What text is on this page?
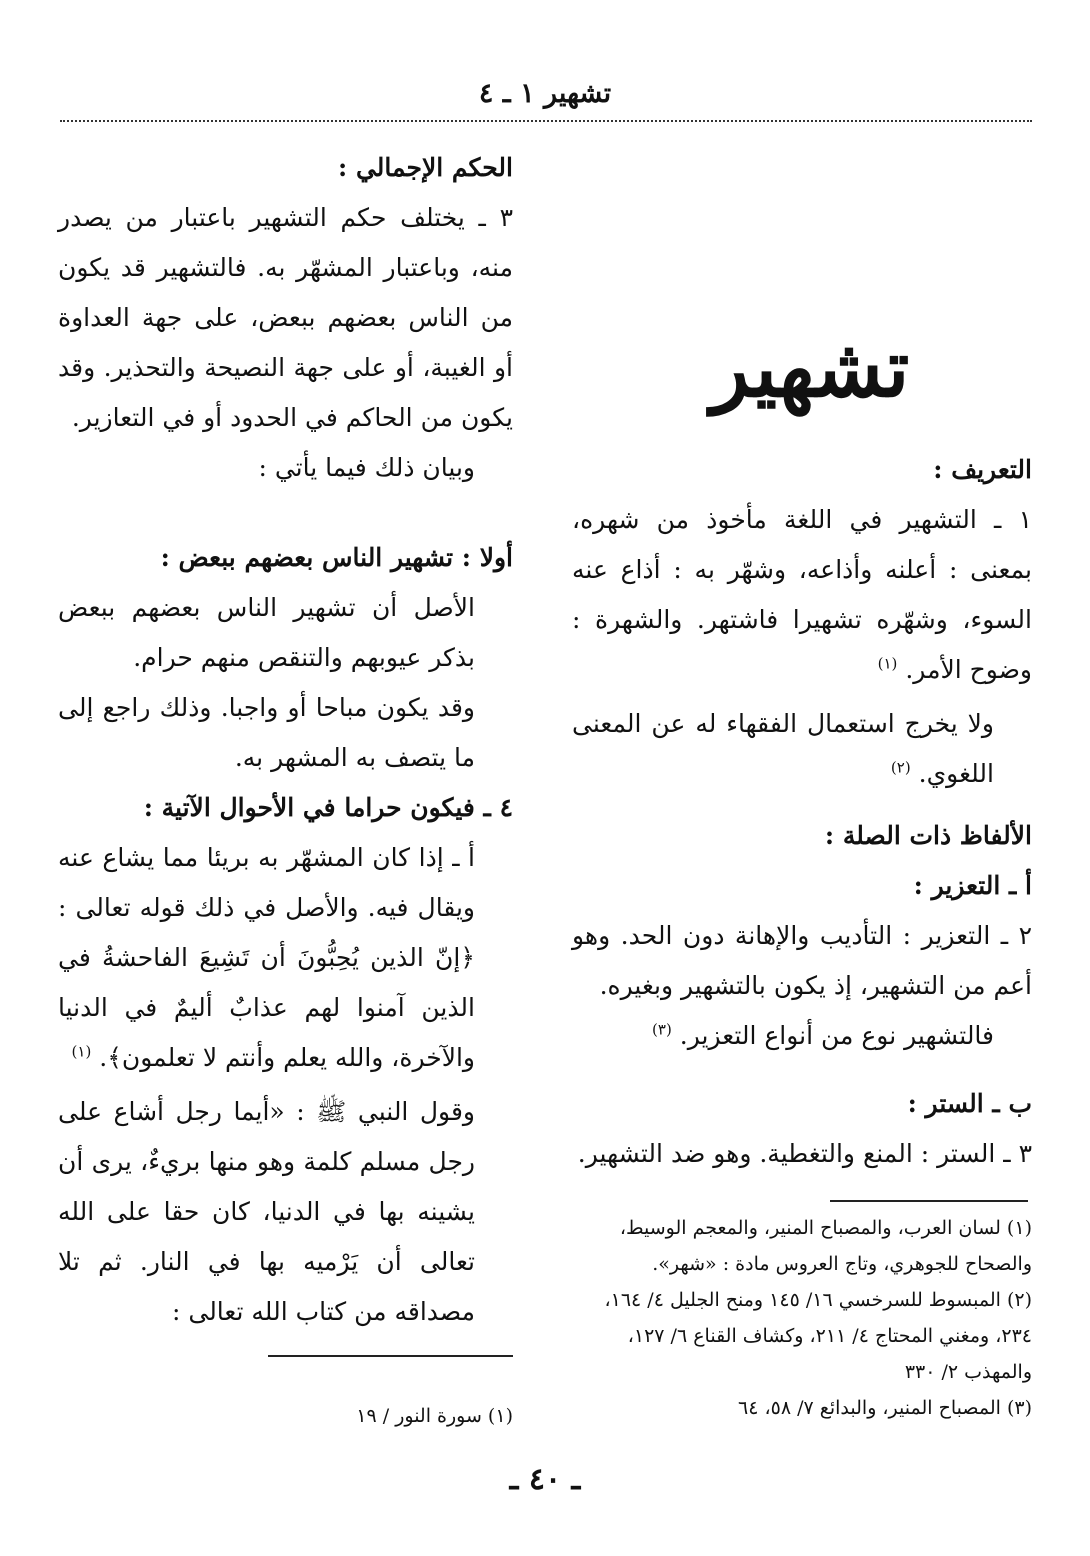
تشهير ١ ـ ٤
تشهير

التعريف :

١ ـ التشهير في اللغة مأخوذ من شهره، بمعنى : أعلنه وأذاعه، وشهّر به : أذاع عنه السوء، وشهّره تشهيرا فاشتهر. والشهرة : وضوح الأمر. $^{(١)}$

ولا يخرج استعمال الفقهاء له عن المعنى اللغوي. $^{(٢)}$

الألفاظ ذات الصلة :

أ ـ التعزير :

٢ ـ التعزير : التأديب والإهانة دون الحد. وهو أعم من التشهير، إذ يكون بالتشهير وبغيره.

فالتشهير نوع من أنواع التعزير. $^{(٣)}$

ب ـ الستر :

٣ ـ الستر : المنع والتغطية. وهو ضد التشهير.

(١) لسان العرب، والمصباح المنير، والمعجم الوسيط، والصحاح للجوهري، وتاج العروس مادة : «شهر».

(٢) المبسوط للسرخسي ١٦/ ١٤٥ ومنح الجليل ٤/ ١٦٤، ٢٣٤، ومغني المحتاج ٤/ ٢١١، وكشاف القناع ٦/ ١٢٧، والمهذب ٢/ ٣٣٠

(٣) المصباح المنير، والبدائع ٧/ ٥٨، ٦٤

الحكم الإجمالي :

٣ ـ يختلف حكم التشهير باعتبار من يصدر منه، وباعتبار المشهّر به. فالتشهير قد يكون من الناس بعضهم ببعض، على جهة العداوة أو الغيبة، أو على جهة النصيحة والتحذير. وقد يكون من الحاكم في الحدود أو في التعازير.

وبيان ذلك فيما يأتي :

أولا : تشهير الناس بعضهم ببعض :

الأصل أن تشهير الناس بعضهم ببعض بذكر عيوبهم والتنقص منهم حرام.

وقد يكون مباحا أو واجبا. وذلك راجع إلى ما يتصف به المشهر به.

٤ ـ فيكون حراما في الأحوال الآتية :

أ ـ إذا كان المشهّر به بريئا مما يشاع عنه ويقال فيه. والأصل في ذلك قوله تعالى : ﴿إنّ الذين يُحِبُّونَ أن تَشِيعَ الفاحشةُ في الذين آمنوا لهم عذابٌ أليمٌ في الدنيا والآخرة، والله يعلم وأنتم لا تعلمون﴾. $^{(١)}$

وقول النبي ﷺ : «أيما رجل أشاع على رجل مسلم كلمة وهو منها بريءٌ، يرى أن يشينه بها في الدنيا، كان حقا على الله تعالى أن يَرْميه بها في النار. ثم تلا مصداقه من كتاب الله تعالى :

(١) سورة النور / ١٩

ـ ٤٠ ـ
